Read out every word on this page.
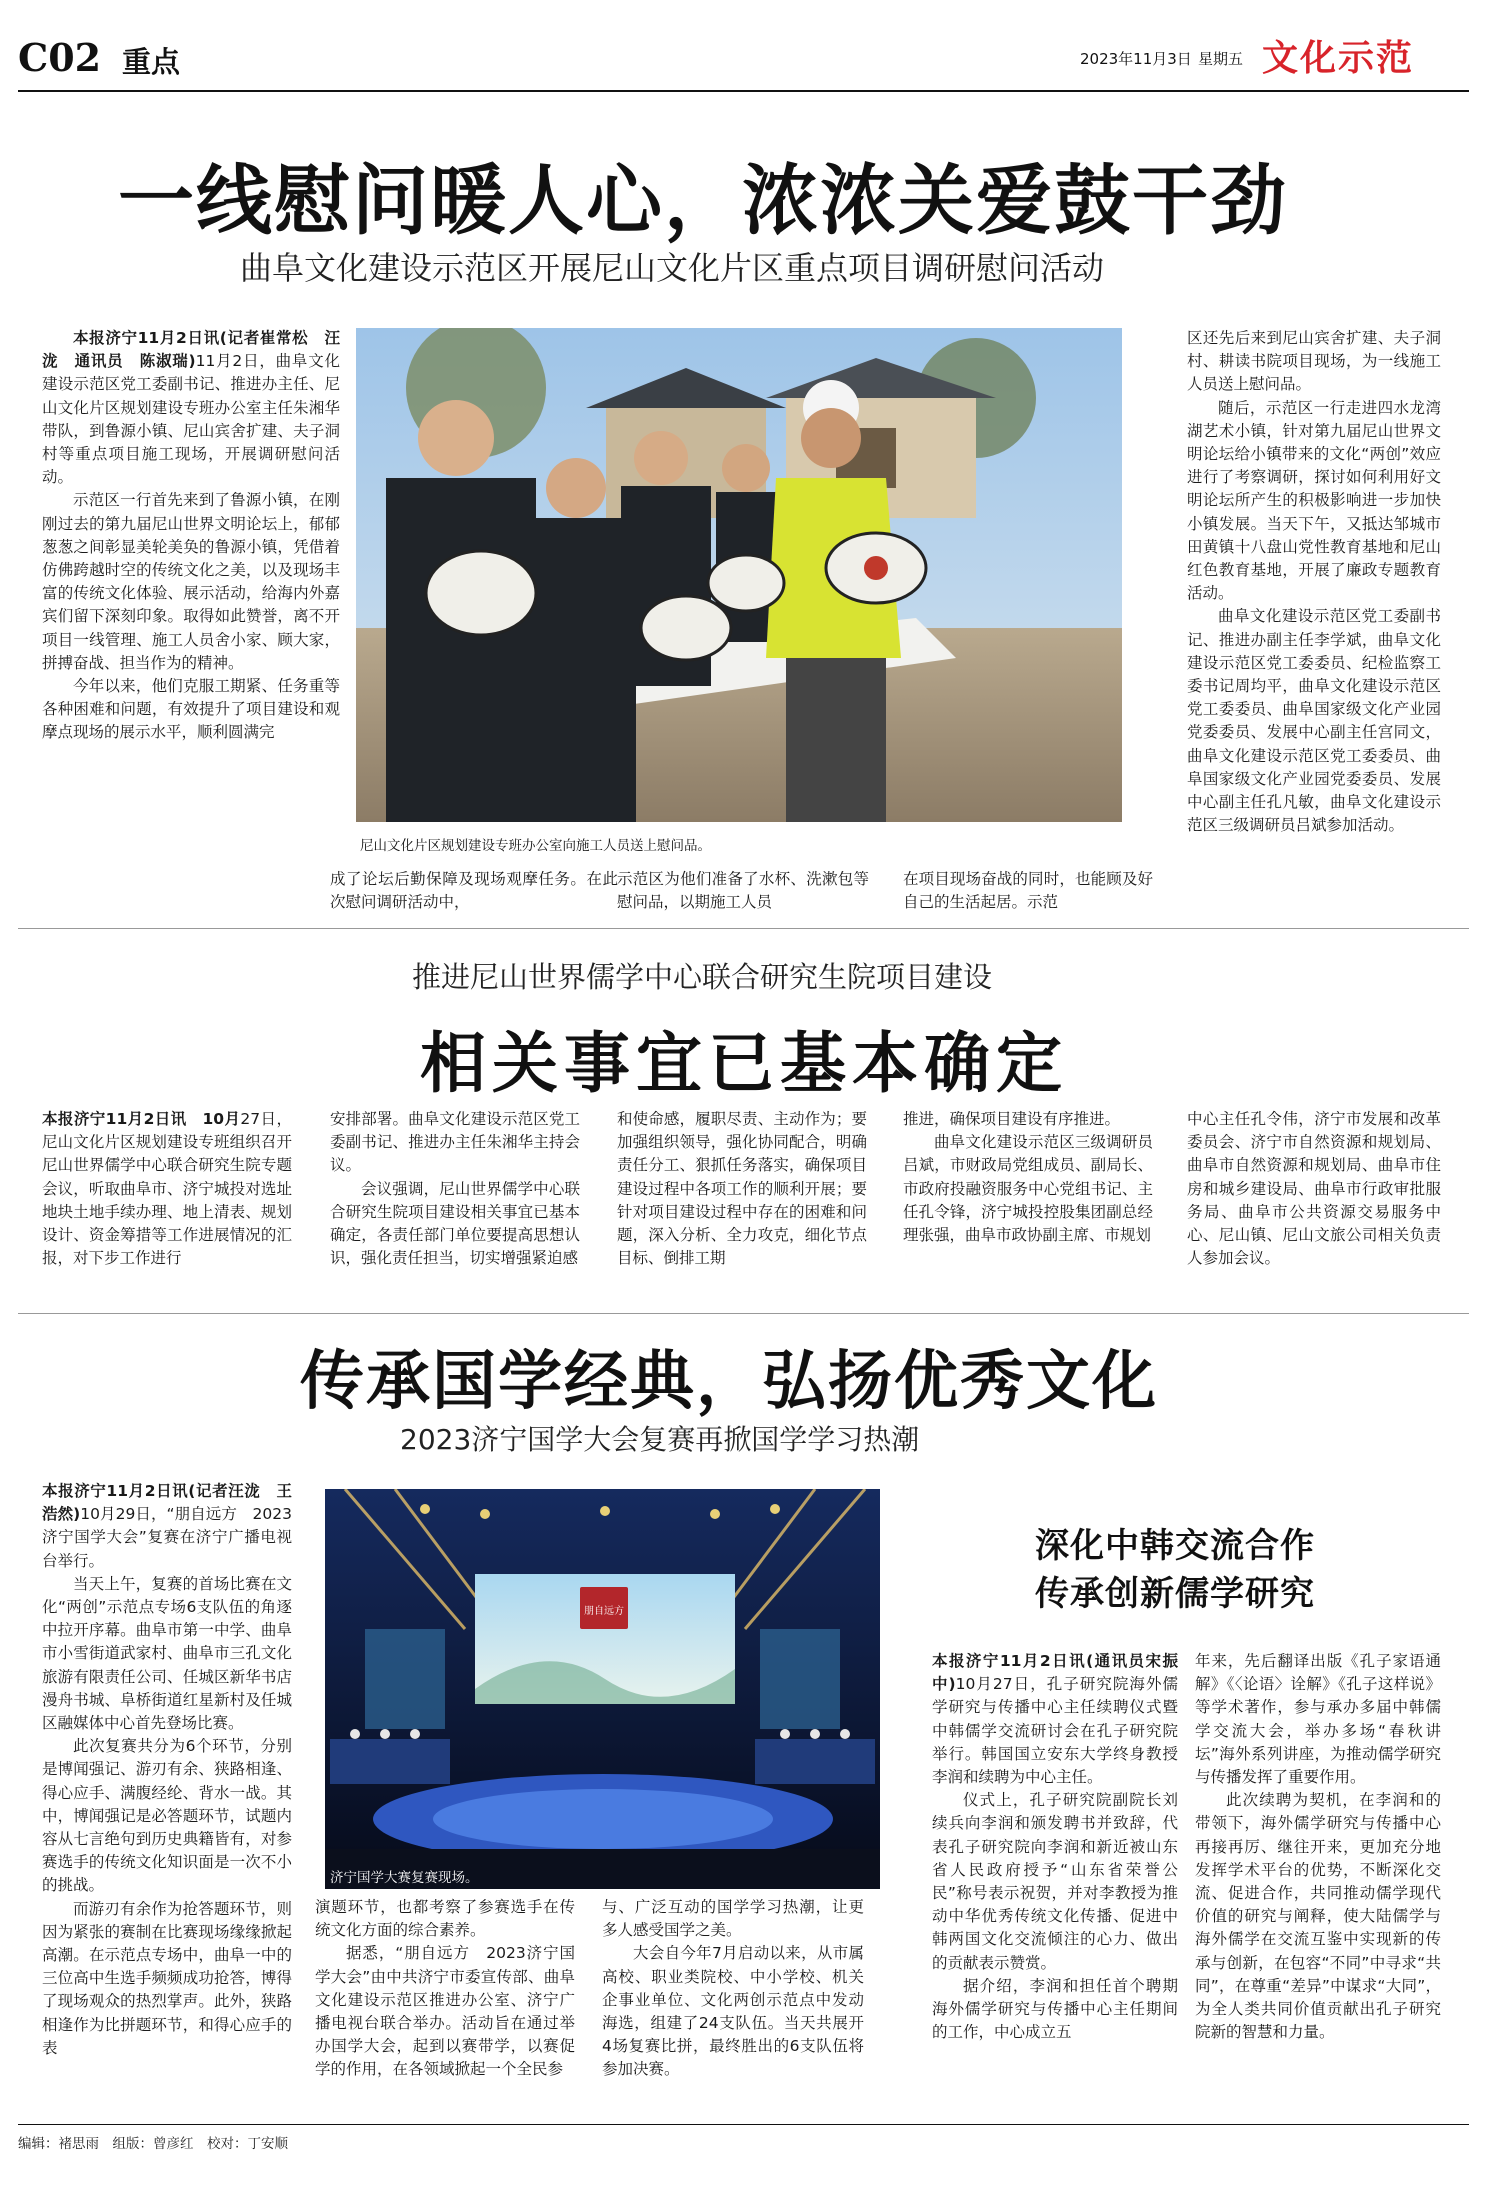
C02 重点	2023年11月3日 星期五 文化示范
一线慰问暖人心，浓浓关爱鼓干劲
曲阜文化建设示范区开展尼山文化片区重点项目调研慰问活动

本报济宁11月2日讯(记者崔常松　汪泷　通讯员　陈淑瑞)11月2日，曲阜文化建设示范区党工委副书记、推进办主任、尼山文化片区规划建设专班办公室主任朱湘华带队，到鲁源小镇、尼山宾舍扩建、夫子洞村等重点项目施工现场，开展调研慰问活动。

示范区一行首先来到了鲁源小镇，在刚刚过去的第九届尼山世界文明论坛上，郁郁葱葱之间彰显美轮美奂的鲁源小镇，凭借着仿佛跨越时空的传统文化之美，以及现场丰富的传统文化体验、展示活动，给海内外嘉宾们留下深刻印象。取得如此赞誉，离不开项目一线管理、施工人员舍小家、顾大家，拼搏奋战、担当作为的精神。

今年以来，他们克服工期紧、任务重等各种困难和问题，有效提升了项目建设和观摩点现场的展示水平，顺利圆满完

尼山文化片区规划建设专班办公室向施工人员送上慰问品。
成了论坛后勤保障及现场观摩任务。在此次慰问调研活动中，
示范区为他们准备了水杯、洗漱包等慰问品，以期施工人员
在项目现场奋战的同时，也能顾及好自己的生活起居。示范
区还先后来到尼山宾舍扩建、夫子洞村、耕读书院项目现场，为一线施工人员送上慰问品。

随后，示范区一行走进四水龙湾湖艺术小镇，针对第九届尼山世界文明论坛给小镇带来的文化“两创”效应进行了考察调研，探讨如何利用好文明论坛所产生的积极影响进一步加快小镇发展。当天下午，又抵达邹城市田黄镇十八盘山党性教育基地和尼山红色教育基地，开展了廉政专题教育活动。

曲阜文化建设示范区党工委副书记、推进办副主任李学斌，曲阜文化建设示范区党工委委员、纪检监察工委书记周均平，曲阜文化建设示范区党工委委员、曲阜国家级文化产业园党委委员、发展中心副主任宫同文，曲阜文化建设示范区党工委委员、曲阜国家级文化产业园党委委员、发展中心副主任孔凡敏，曲阜文化建设示范区三级调研员吕斌参加活动。

推进尼山世界儒学中心联合研究生院项目建设
相关事宜已基本确定
本报济宁11月2日讯　10月27日，尼山文化片区规划建设专班组织召开尼山世界儒学中心联合研究生院专题会议，听取曲阜市、济宁城投对选址地块土地手续办理、地上清表、规划设计、资金筹措等工作进展情况的汇报，对下步工作进行
安排部署。曲阜文化建设示范区党工委副书记、推进办主任朱湘华主持会议。

会议强调，尼山世界儒学中心联合研究生院项目建设相关事宜已基本确定，各责任部门单位要提高思想认识，强化责任担当，切实增强紧迫感

和使命感，履职尽责、主动作为；要加强组织领导，强化协同配合，明确责任分工、狠抓任务落实，确保项目建设过程中各项工作的顺利开展；要针对项目建设过程中存在的困难和问题，深入分析、全力攻克，细化节点目标、倒排工期
推进，确保项目建设有序推进。

曲阜文化建设示范区三级调研员吕斌，市财政局党组成员、副局长、市政府投融资服务中心党组书记、主任孔令锋，济宁城投控股集团副总经理张强，曲阜市政协副主席、市规划

中心主任孔令伟，济宁市发展和改革委员会、济宁市自然资源和规划局、曲阜市自然资源和规划局、曲阜市住房和城乡建设局、曲阜市行政审批服务局、曲阜市公共资源交易服务中心、尼山镇、尼山文旅公司相关负责人参加会议。
传承国学经典，弘扬优秀文化
2023济宁国学大会复赛再掀国学学习热潮
本报济宁11月2日讯(记者汪泷　王浩然)10月29日，“朋自远方　2023济宁国学大会”复赛在济宁广播电视台举行。

当天上午，复赛的首场比赛在文化“两创”示范点专场6支队伍的角逐中拉开序幕。曲阜市第一中学、曲阜市小雪街道武家村、曲阜市三孔文化旅游有限责任公司、任城区新华书店漫舟书城、阜桥街道红星新村及任城区融媒体中心首先登场比赛。

此次复赛共分为6个环节，分别是博闻强记、游刃有余、狭路相逢、得心应手、满腹经纶、背水一战。其中，博闻强记是必答题环节，试题内容从七言绝句到历史典籍皆有，对参赛选手的传统文化知识面是一次不小的挑战。

而游刃有余作为抢答题环节，则因为紧张的赛制在比赛现场缘缘掀起高潮。在示范点专场中，曲阜一中的三位高中生选手频频成功抢答，博得了现场观众的热烈掌声。此外，狭路相逢作为比拼题环节，和得心应手的表

朋自远方
济宁国学大赛复赛现场。
演题环节，也都考察了参赛选手在传统文化方面的综合素养。

据悉，“朋自远方　2023济宁国学大会”由中共济宁市委宣传部、曲阜文化建设示范区推进办公室、济宁广播电视台联合举办。活动旨在通过举办国学大会，起到以赛带学，以赛促学的作用，在各领域掀起一个全民参

与、广泛互动的国学学习热潮，让更多人感受国学之美。

大会自今年7月启动以来，从市属高校、职业类院校、中小学校、机关企事业单位、文化两创示范点中发动海选，组建了24支队伍。当天共展开4场复赛比拼，最终胜出的6支队伍将参加决赛。

深化中韩交流合作
传承创新儒学研究
本报济宁11月2日讯(通讯员宋振中)10月27日，孔子研究院海外儒学研究与传播中心主任续聘仪式暨中韩儒学交流研讨会在孔子研究院举行。韩国国立安东大学终身教授李润和续聘为中心主任。

仪式上，孔子研究院副院长刘续兵向李润和颁发聘书并致辞，代表孔子研究院向李润和新近被山东省人民政府授予“山东省荣誉公民”称号表示祝贺，并对李教授为推动中华优秀传统文化传播、促进中韩两国文化交流倾注的心力、做出的贡献表示赞赏。

据介绍，李润和担任首个聘期海外儒学研究与传播中心主任期间的工作，中心成立五

年来，先后翻译出版《孔子家语通解》《〈论语〉诠解》《孔子这样说》等学术著作，参与承办多届中韩儒学交流大会，举办多场“春秋讲坛”海外系列讲座，为推动儒学研究与传播发挥了重要作用。

此次续聘为契机，在李润和的带领下，海外儒学研究与传播中心再接再厉、继往开来，更加充分地发挥学术平台的优势，不断深化交流、促进合作，共同推动儒学现代价值的研究与阐释，使大陆儒学与海外儒学在交流互鉴中实现新的传承与创新，在包容“不同”中寻求“共同”，在尊重“差异”中谋求“大同”，为全人类共同价值贡献出孔子研究院新的智慧和力量。

编辑：褚思雨　组版：曾彦红　校对：丁安顺
